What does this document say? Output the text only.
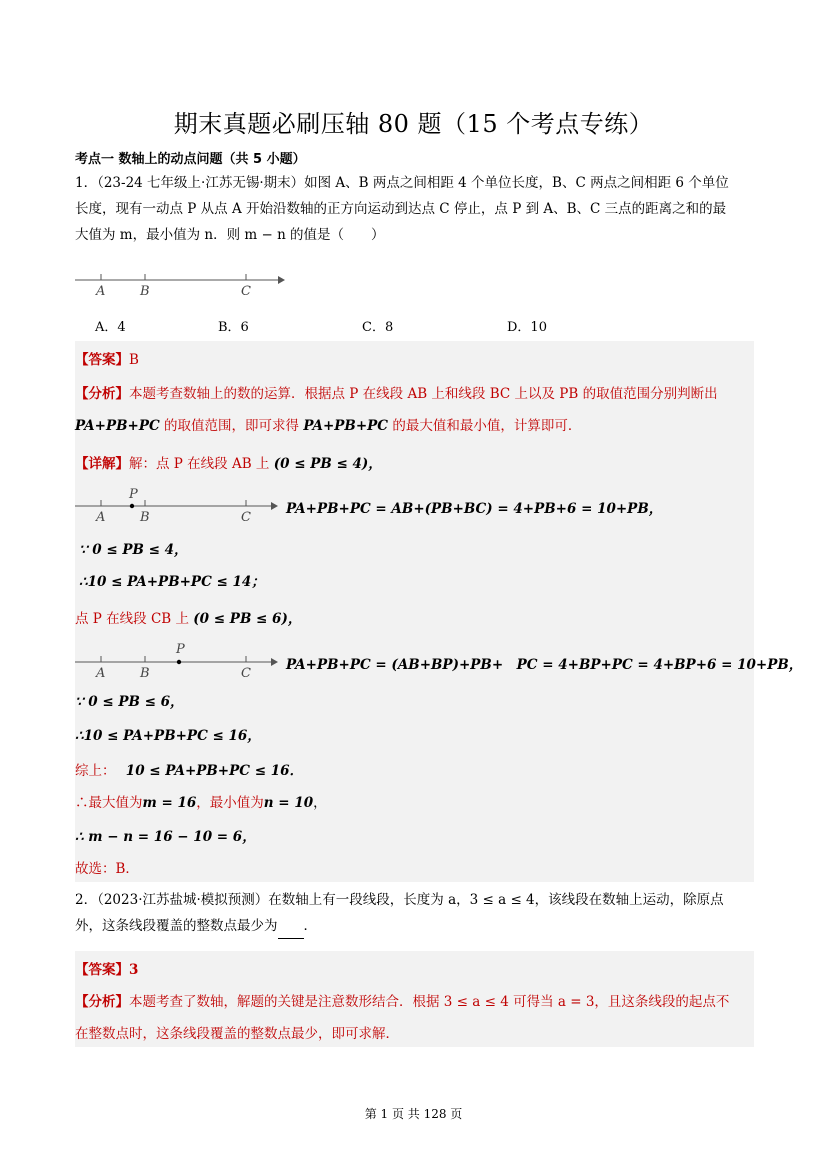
期末真题必刷压轴 80 题（15 个考点专练）
考点一 数轴上的动点问题（共 5 小题）
1．（23-24 七年级上·江苏无锡·期末）如图 A、B 两点之间相距 4 个单位长度，B、C 两点之间相距 6 个单位
长度，现有一动点 P 从点 A 开始沿数轴的正方向运动到达点 C 停止，点 P 到 A、B、C 三点的距离之和的最
大值为 m，最小值为 n．则 m − n 的值是（　　）
A	B	C
A．4	B．6	C．8	D．10
【答案】B
【分析】本题考查数轴上的数的运算．根据点 P 在线段 AB 上和线段 BC 上以及 PB 的取值范围分别判断出
PA+PB+PC 的取值范围，即可求得 PA+PB+PC 的最大值和最小值，计算即可．
【详解】解：点 P 在线段 AB 上 (0 ≤ PB ≤ 4)，
P
A	B	C
PA+PB+PC = AB+(PB+BC) = 4+PB+6 = 10+PB，
∵ 0 ≤ PB ≤ 4，
∴10 ≤ PA+PB+PC ≤ 14；
点 P 在线段 CB 上 (0 ≤ PB ≤ 6)，
P
A	B	C
PA+PB+PC = (AB+BP)+PB+　PC = 4+BP+PC = 4+BP+6 = 10+PB，
∵ 0 ≤ PB ≤ 6，
∴10 ≤ PA+PB+PC ≤ 16，
综上： 10 ≤ PA+PB+PC ≤ 16．
∴最大值为m = 16，最小值为n = 10，
∴ m − n = 16 − 10 = 6，
故选：B．
2．（2023·江苏盐城·模拟预测）在数轴上有一段线段，长度为 a，3 ≤ a ≤ 4，该线段在数轴上运动，除原点
外，这条线段覆盖的整数点最少为 ．
【答案】3
【分析】本题考查了数轴，解题的关键是注意数形结合．根据 3 ≤ a ≤ 4 可得当 a = 3，且这条线段的起点不
在整数点时，这条线段覆盖的整数点最少，即可求解．
第 1 页 共 128 页
